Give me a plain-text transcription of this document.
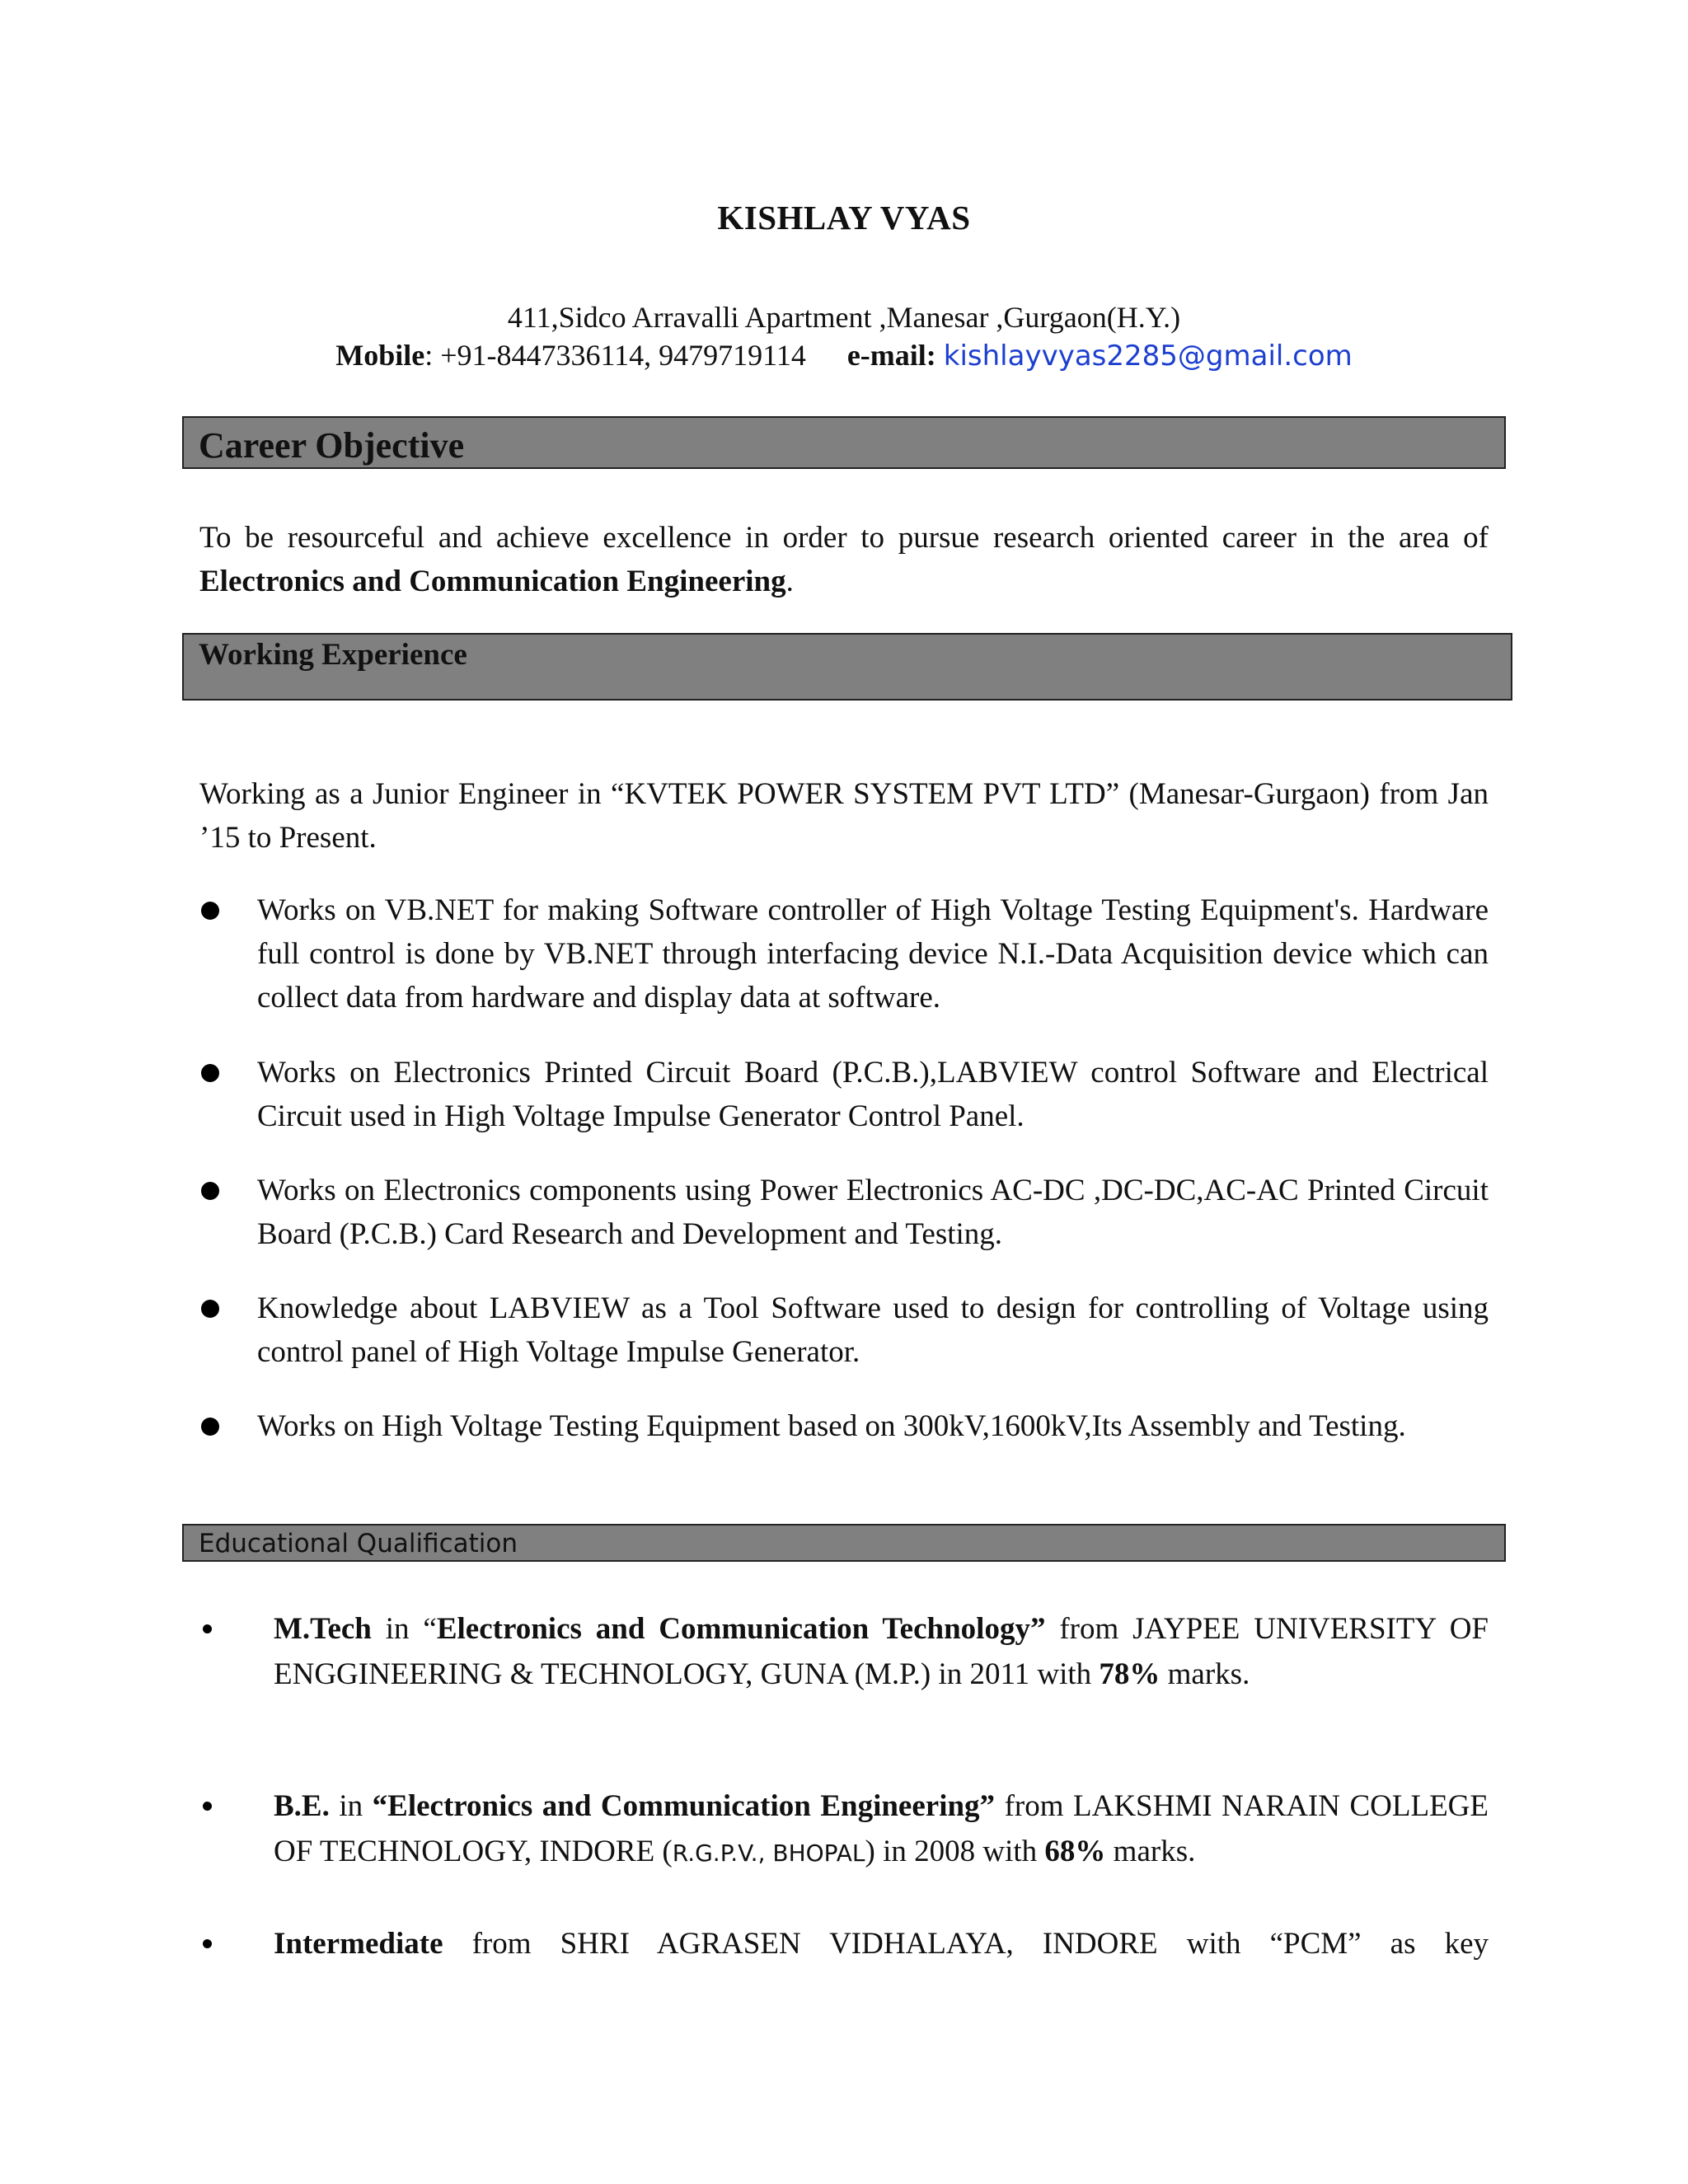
KISHLAY VYAS
411,Sidco Arravalli Apartment ,Manesar ,Gurgaon(H.Y.)
Mobile: +91-8447336114, 9479719114 e-mail: kishlayvyas2285@gmail.com
Career Objective
To be resourceful and achieve excellence in order to pursue research oriented career in the area of Electronics and Communication Engineering.
Working Experience
Working as a Junior Engineer in “KVTEK POWER SYSTEM PVT LTD” (Manesar-Gurgaon) from Jan ’15 to Present.
Works on VB.NET for making Software controller of High Voltage Testing Equipment's. Hardware full control is done by VB.NET through interfacing device N.I.-Data Acquisition device which can collect data from hardware and display data at software.
Works on Electronics Printed Circuit Board (P.C.B.),LABVIEW control Software and Electrical Circuit used in High Voltage Impulse Generator Control Panel.
Works on Electronics components using Power Electronics AC-DC ,DC-DC,AC-AC Printed Circuit Board (P.C.B.) Card Research and Development and Testing.
Knowledge about LABVIEW as a Tool Software used to design for controlling of Voltage using control panel of High Voltage Impulse Generator.
Works on High Voltage Testing Equipment based on 300kV,1600kV,Its Assembly and Testing.
Educational Qualification
M.Tech in “Electronics and Communication Technology” from JAYPEE UNIVERSITY OF ENGGINEERING & TECHNOLOGY, GUNA (M.P.) in 2011 with 78% marks.
B.E. in “Electronics and Communication Engineering” from LAKSHMI NARAIN COLLEGE OF TECHNOLOGY, INDORE (R.G.P.V., BHOPAL) in 2008 with 68% marks.
Intermediate from SHRI AGRASEN VIDHALAYA, INDORE with “PCM” as key
